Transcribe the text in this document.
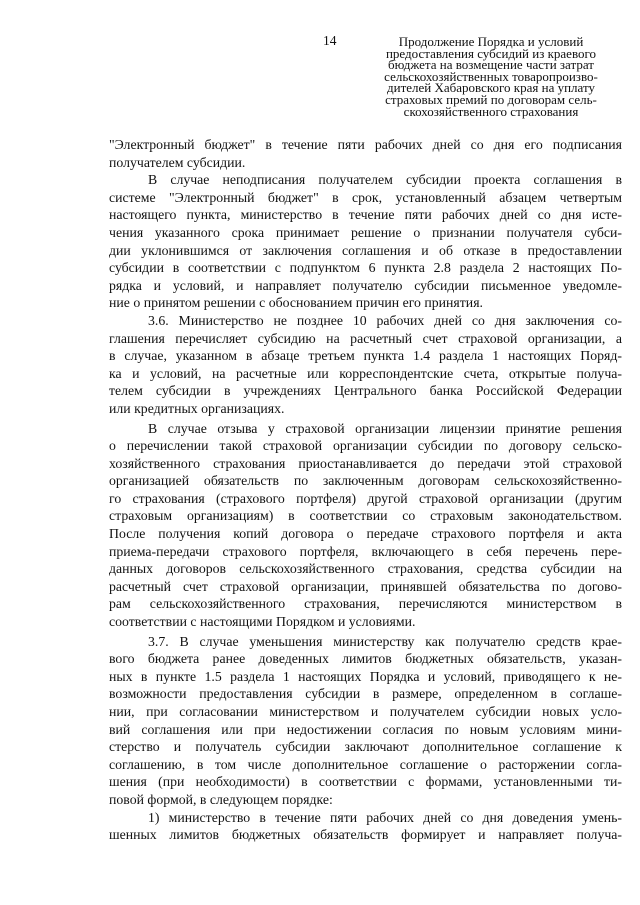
14	Продолжение Порядка и условий
предоставления субсидий из краевого
бюджета на возмещение части затрат
сельскохозяйственных товаропроизво-
дителей Хабаровского края на уплату
страховых премий по договорам сель-
скохозяйственного страхования
"Электронный бюджет" в течение пяти рабочих дней со дня его подписания
получателем субсидии.
В случае неподписания получателем субсидии проекта соглашения в
системе "Электронный бюджет" в срок, установленный абзацем четвертым
настоящего пункта, министерство в течение пяти рабочих дней со дня исте-
чения указанного срока принимает решение о признании получателя субси-
дии уклонившимся от заключения соглашения и об отказе в предоставлении
субсидии в соответствии с подпунктом 6 пункта 2.8 раздела 2 настоящих По-
рядка и условий, и направляет получателю субсидии письменное уведомле-
ние о принятом решении с обоснованием причин его принятия.
3.6. Министерство не позднее 10 рабочих дней со дня заключения со-
глашения перечисляет субсидию на расчетный счет страховой организации, а
в случае, указанном в абзаце третьем пункта 1.4 раздела 1 настоящих Поряд-
ка и условий, на расчетные или корреспондентские счета, открытые получа-
телем субсидии в учреждениях Центрального банка Российской Федерации
или кредитных организациях.
В случае отзыва у страховой организации лицензии принятие решения
о перечислении такой страховой организации субсидии по договору сельско-
хозяйственного страхования приостанавливается до передачи этой страховой
организацией обязательств по заключенным договорам сельскохозяйственно-
го страхования (страхового портфеля) другой страховой организации (другим
страховым организациям) в соответствии со страховым законодательством.
После получения копий договора о передаче страхового портфеля и акта
приема-передачи страхового портфеля, включающего в себя перечень пере-
данных договоров сельскохозяйственного страхования, средства субсидии на
расчетный счет страховой организации, принявшей обязательства по догово-
рам сельскохозяйственного страхования, перечисляются министерством в
соответствии с настоящими Порядком и условиями.
3.7. В случае уменьшения министерству как получателю средств крае-
вого бюджета ранее доведенных лимитов бюджетных обязательств, указан-
ных в пункте 1.5 раздела 1 настоящих Порядка и условий, приводящего к не-
возможности предоставления субсидии в размере, определенном в соглаше-
нии, при согласовании министерством и получателем субсидии новых усло-
вий соглашения или при недостижении согласия по новым условиям мини-
стерство и получатель субсидии заключают дополнительное соглашение к
соглашению, в том числе дополнительное соглашение о расторжении согла-
шения (при необходимости) в соответствии с формами, установленными ти-
повой формой, в следующем порядке:
1) министерство в течение пяти рабочих дней со дня доведения умень-
шенных лимитов бюджетных обязательств формирует и направляет получа-
